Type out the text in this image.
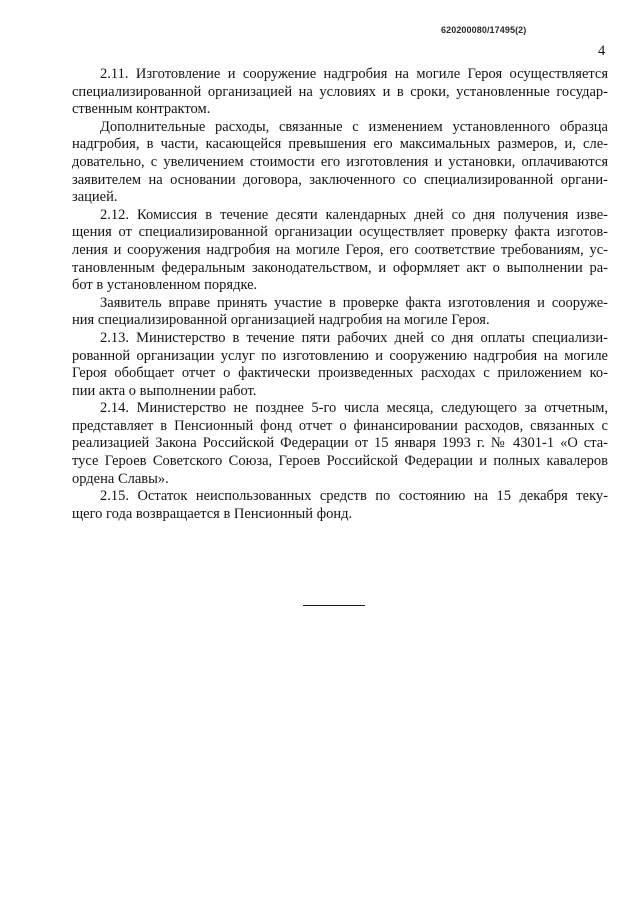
620200080/17495(2)
4
2.11. Изготовление и сооружение надгробия на могиле Героя осуществляется
специализированной организацией на условиях и в сроки, установленные государ-
ственным контрактом.
Дополнительные расходы, связанные с изменением установленного образца
надгробия, в части, касающейся превышения его максимальных размеров, и, сле-
довательно, с увеличением стоимости его изготовления и установки, оплачиваются
заявителем на основании договора, заключенного со специализированной органи-
зацией.
2.12. Комиссия в течение десяти календарных дней со дня получения изве-
щения от специализированной организации осуществляет проверку факта изготов-
ления и сооружения надгробия на могиле Героя, его соответствие требованиям, ус-
тановленным федеральным законодательством, и оформляет акт о выполнении ра-
бот в установленном порядке.
Заявитель вправе принять участие в проверке факта изготовления и сооруже-
ния специализированной организацией надгробия на могиле Героя.
2.13. Министерство в течение пяти рабочих дней со дня оплаты специализи-
рованной организации услуг по изготовлению и сооружению надгробия на могиле
Героя обобщает отчет о фактически произведенных расходах с приложением ко-
пии акта о выполнении работ.
2.14. Министерство не позднее 5-го числа месяца, следующего за отчетным,
представляет в Пенсионный фонд отчет о финансировании расходов, связанных с
реализацией Закона Российской Федерации от 15 января 1993 г. № 4301-1 «О ста-
тусе Героев Советского Союза, Героев Российской Федерации и полных кавалеров
ордена Славы».
2.15. Остаток неиспользованных средств по состоянию на 15 декабря теку-
щего года возвращается в Пенсионный фонд.
